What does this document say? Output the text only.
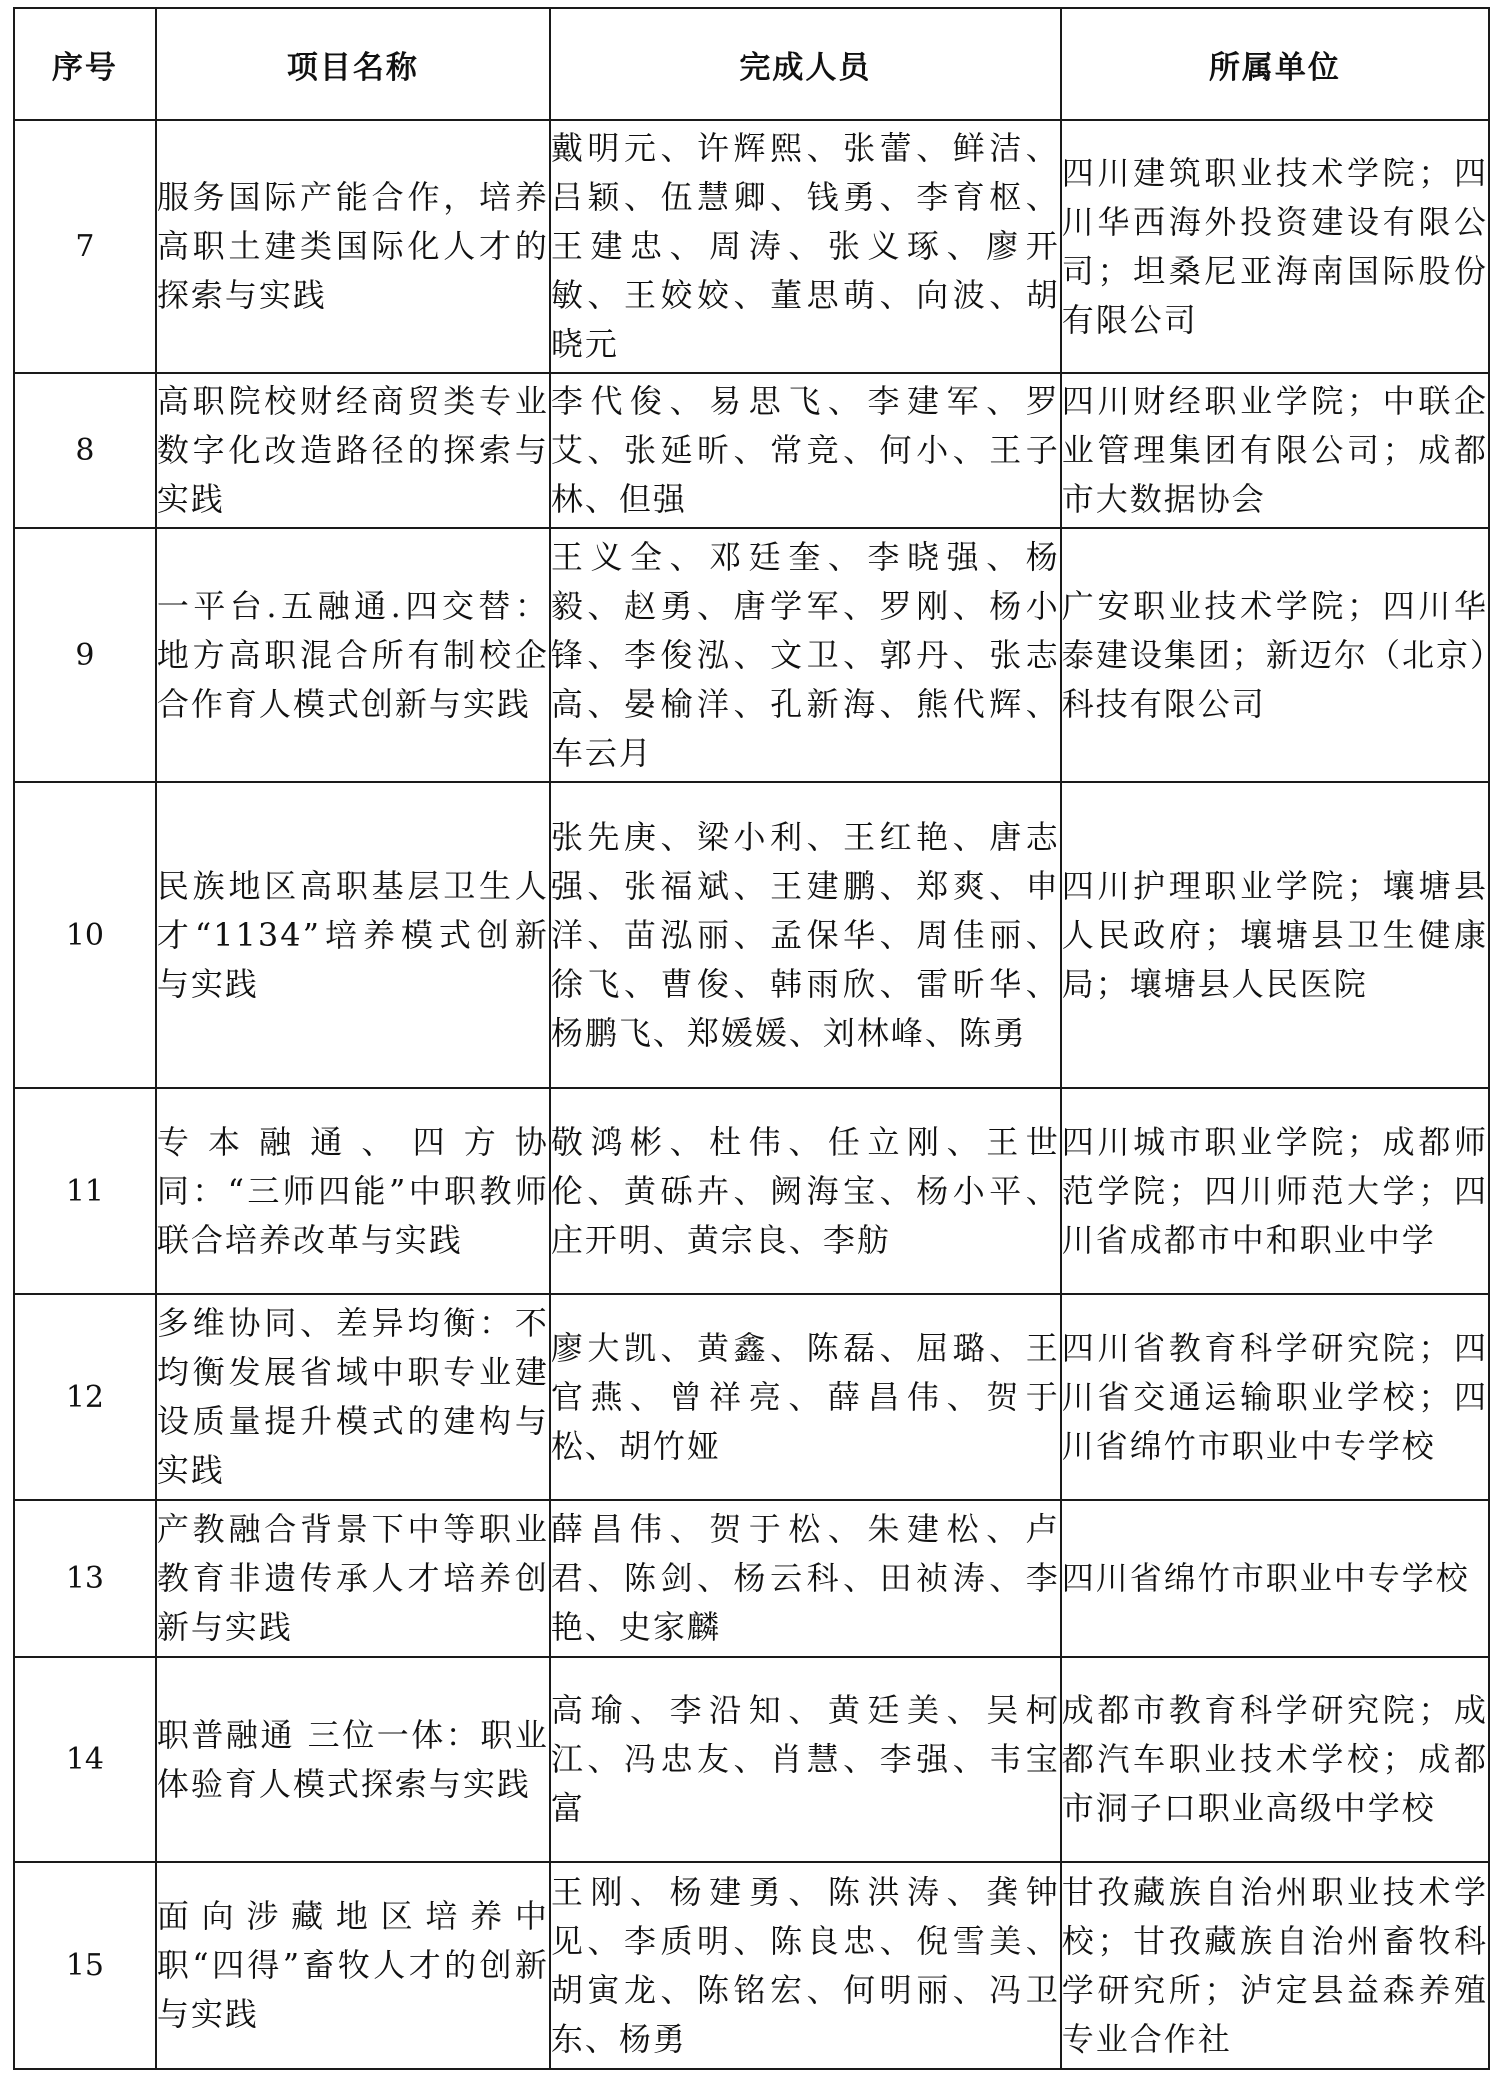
序号	项目名称	完成人员	所属单位
7	服务国际产能合作，培养高职土建类国际化人才的探索与实践	戴明元、许辉熙、张蕾、鲜洁、吕颖、伍慧卿、钱勇、李育枢、王建忠、周涛、张义琢、廖开敏、王姣姣、董思萌、向波、胡晓元	四川建筑职业技术学院；四川华西海外投资建设有限公司；坦桑尼亚海南国际股份有限公司

8	高职院校财经商贸类专业数字化改造路径的探索与实践	李代俊、易思飞、李建军、罗艾、张延昕、常竞、何小、王子林、但强	四川财经职业学院；中联企业管理集团有限公司；成都市大数据协会

9	一平台.五融通.四交替：地方高职混合所有制校企合作育人模式创新与实践	王义全、邓廷奎、李晓强、杨毅、赵勇、唐学军、罗刚、杨小锋、李俊泓、文卫、郭丹、张志高、晏榆洋、孔新海、熊代辉、车云月	广安职业技术学院；四川华泰建设集团；新迈尔（北京）科技有限公司

10	民族地区高职基层卫生人才“1134”培养模式创新与实践	张先庚、梁小利、王红艳、唐志强、张福斌、王建鹏、郑爽、申洋、苗泓丽、孟保华、周佳丽、徐飞、曹俊、韩雨欣、雷昕华、杨鹏飞、郑媛媛、刘林峰、陈勇	四川护理职业学院；壤塘县人民政府；壤塘县卫生健康局；壤塘县人民医院

11	专本融通、四方协同：“三师四能”中职教师联合培养改革与实践	敬鸿彬、杜伟、任立刚、王世伦、黄砾卉、阙海宝、杨小平、庄开明、黄宗良、李舫	四川城市职业学院；成都师范学院；四川师范大学；四川省成都市中和职业中学

12	多维协同、差异均衡：不均衡发展省域中职专业建设质量提升模式的建构与实践	廖大凯、黄鑫、陈磊、屈璐、王官燕、曾祥亮、薛昌伟、贺于松、胡竹娅	四川省教育科学研究院；四川省交通运输职业学校；四川省绵竹市职业中专学校

13	产教融合背景下中等职业教育非遗传承人才培养创新与实践	薛昌伟、贺于松、朱建松、卢君、陈剑、杨云科、田祯涛、李艳、史家麟	四川省绵竹市职业中专学校

14	职普融通 三位一体：职业体验育人模式探索与实践	高瑜、李沿知、黄廷美、吴柯江、冯忠友、肖慧、李强、韦宝富	成都市教育科学研究院；成都汽车职业技术学校；成都市洞子口职业高级中学校

15	面向涉藏地区培养中职“四得”畜牧人才的创新与实践	王刚、杨建勇、陈洪涛、龚钟见、李质明、陈良忠、倪雪美、胡寅龙、陈铭宏、何明丽、冯卫东、杨勇	甘孜藏族自治州职业技术学校；甘孜藏族自治州畜牧科学研究所；泸定县益森养殖专业合作社
